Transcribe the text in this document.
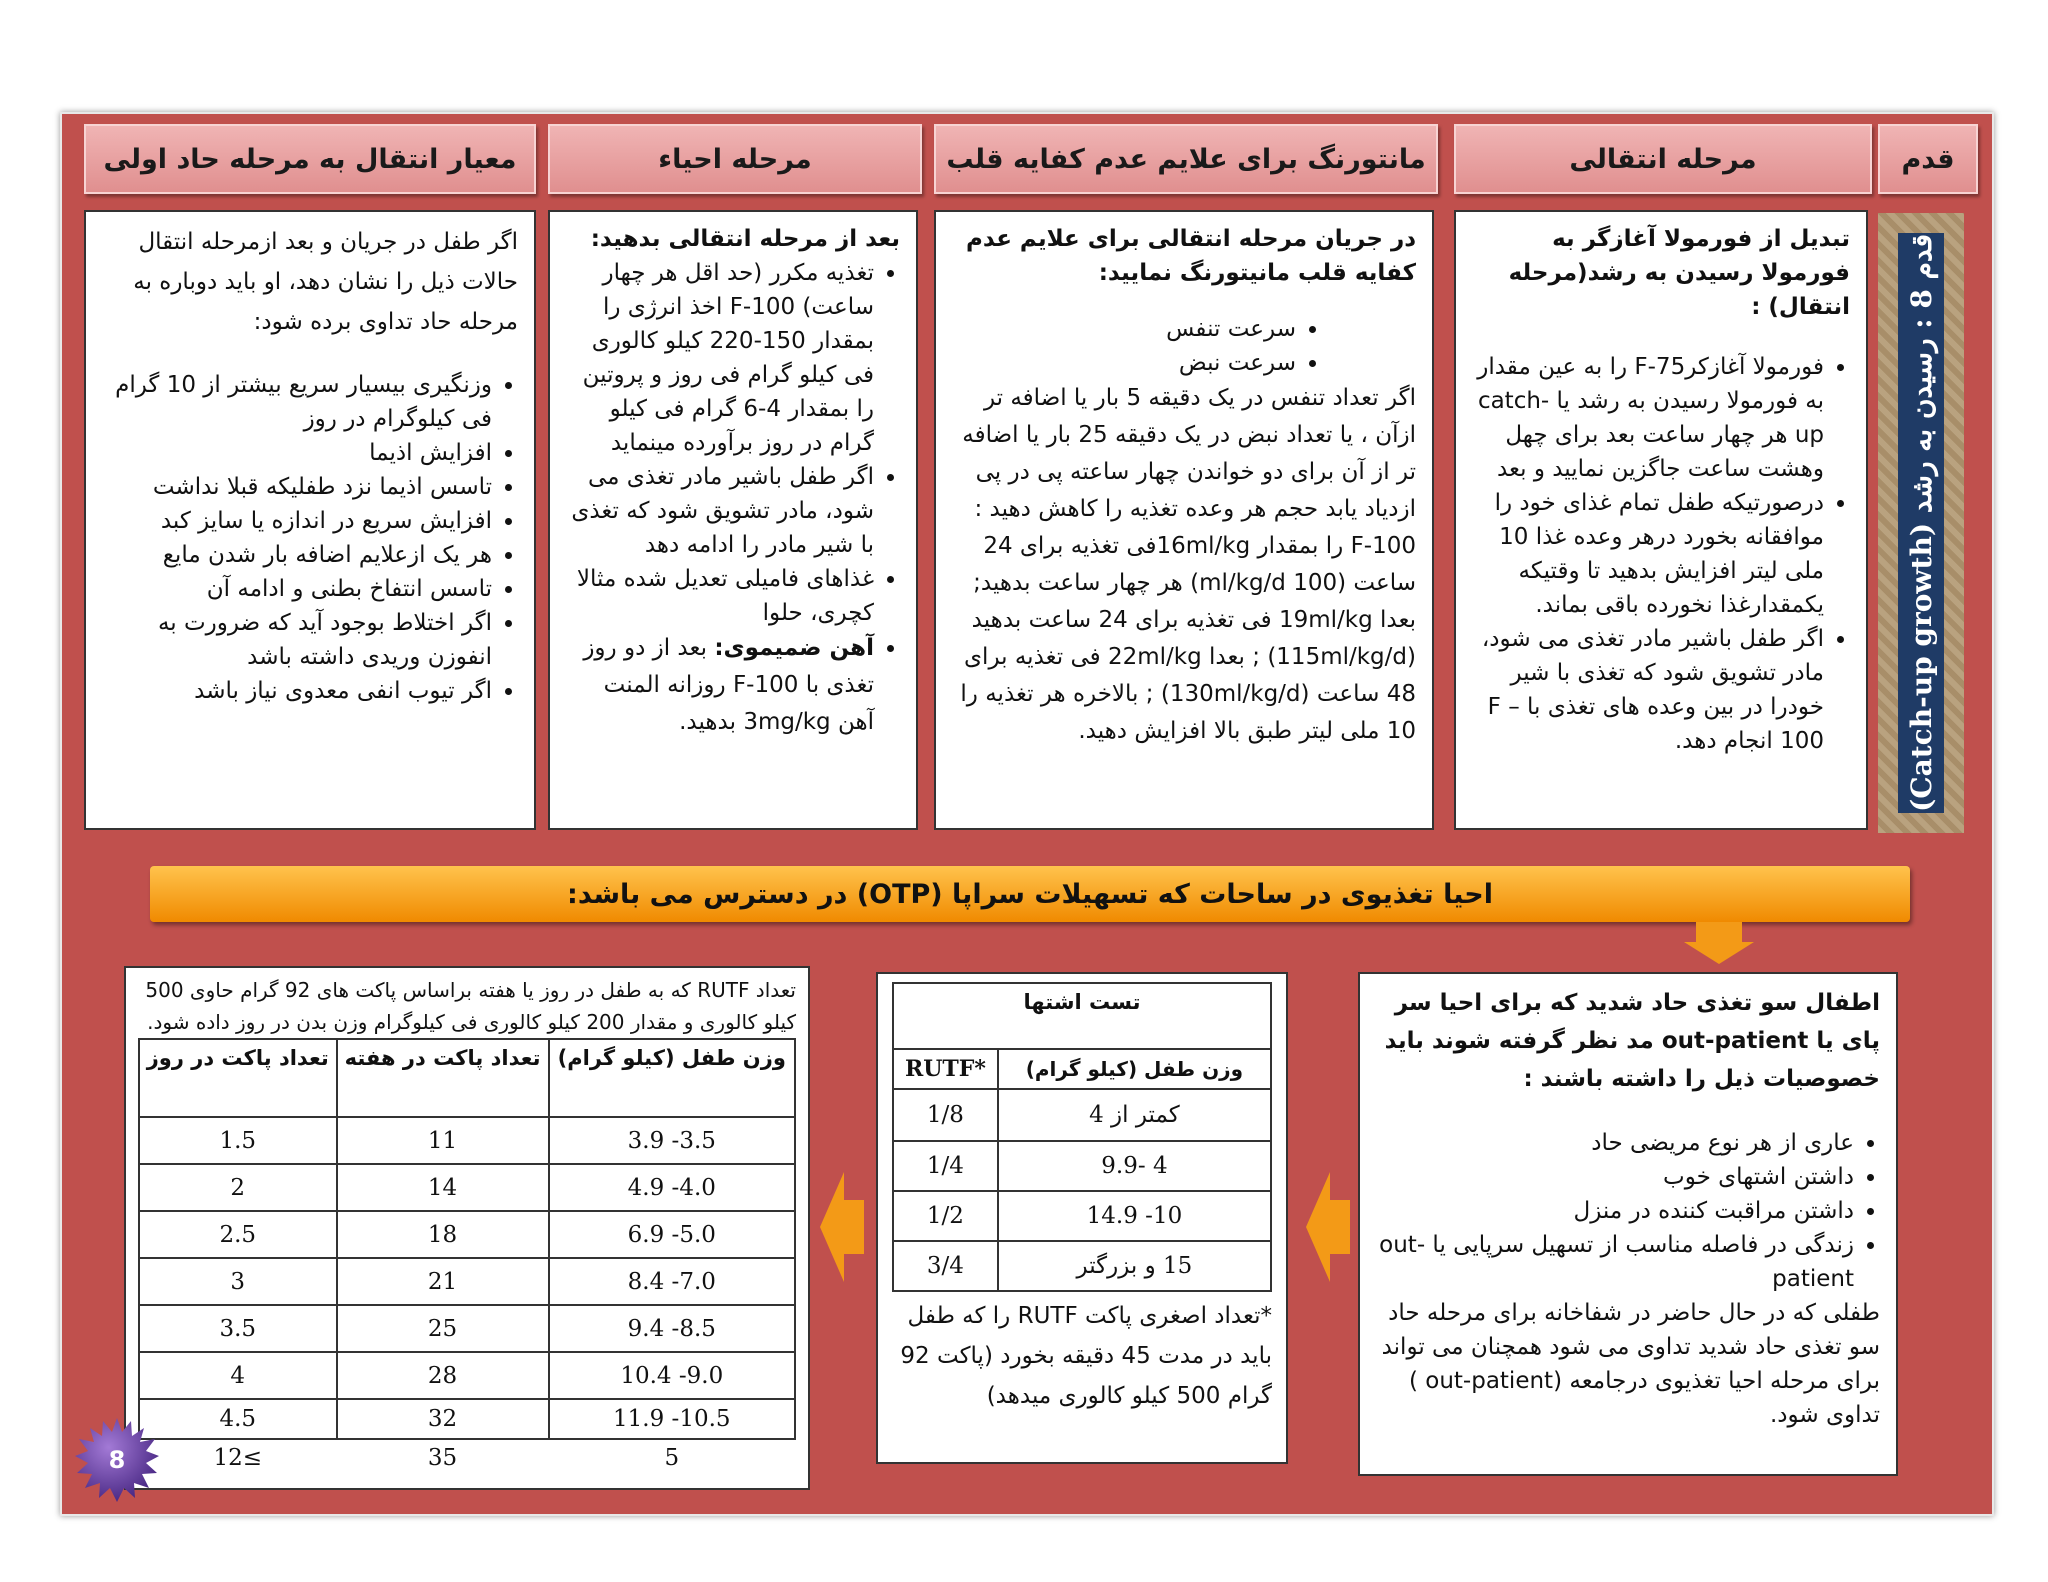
قدم
مرحله انتقالی
مانتورنگ برای علایم عدم کفایه قلب
مرحله احیاء
معیار انتقال به مرحله حاد اولی
قدم 8 : رسیدن به رشد (Catch-up growth)

تبدیل از فورمولا آغازگر به فورمولا رسیدن به رشد(مرحله انتقال) :

• فورمولا آغازکرF-75 را به عین مقدار به فورمولا رسیدن به رشد یا catch-up هر چهار ساعت بعد برای چهل وهشت ساعت جاگزین نمایید و بعد
• درصورتیکه طفل تمام غذای خود را موافقانه بخورد درهر وعده غذا 10 ملی لیتر افزایش بدهید تا وقتیکه یکمقدارغذا نخورده باقی بماند.
• اگر طفل باشیر مادر تغذی می شود، مادر تشویق شود که تغذی با شیر خودرا در بین وعده های تغذی با F – 100 انجام دهد.

در جریان مرحله انتقالی برای علایم عدم کفایه قلب مانیتورنگ نمایید:

• سرعت تنفس
• سرعت نبض

اگر تعداد تنفس در یک دقیقه 5 بار یا اضافه تر ازآن ، یا تعداد نبض در یک دقیقه 25 بار یا اضافه تر از آن برای دو خواندن چهار ساعته پی در پی ازدیاد یابد حجم هر وعده تغذیه را کاهش دهید : F-100 را بمقدار 16ml/kgفی تغذیه برای 24 ساعت (100 ml/kg/d) هر چهار ساعت بدهید; بعدا 19ml/kg فی تغذیه برای 24 ساعت بدهید (115ml/kg/d) ; بعدا 22ml/kg فی تغذیه برای 48 ساعت (130ml/kg/d) ; بالاخره هر تغذیه را 10 ملی لیتر طبق بالا افزایش دهید.

بعد از مرحله انتقالی بدهید:

• تغذیه مکرر (حد اقل هر چهار ساعت) F-100 اخذ انرژی را بمقدار 150-220 کیلو کالوری فی کیلو گرام فی روز و پروتین را بمقدار 4-6 گرام فی کیلو گرام در روز برآورده مینماید
• اگر طفل باشیر مادر تغذی می شود، مادر تشویق شود که تغذی با شیر مادر را ادامه دهد
• غذاهای فامیلی تعدیل شده مثالا کچری، حلوا
• آهن ضمیموی: بعد از دو روز تغذی با F-100 روزانه المنت آهن 3mg/kg بدهید.

اگر طفل در جریان و بعد ازمرحله انتقال حالات ذیل را نشان دهد، او باید دوباره به مرحله حاد تداوی برده شود:

• وزنگیری بیسیار سریع بیشتر از 10 گرام فی کیلوگرام در روز
• افزایش اذیما
• تاسس اذیما نزد طفلیکه قبلا نداشت
• افزایش سریع در اندازه یا سایز کبد
• هر یک ازعلایم اضافه بار شدن مایع
• تاسس انتفاخ بطنی و ادامه آن
• اگر اختلاط بوجود آید که ضرورت به انفوزن وریدی داشته باشد
• اگر تیوب انفی معدوی نیاز باشد
احیا تغذیوی در ساحات که تسهیلات سراپا (OTP) در دسترس می باشد:

اطفال سو تغذی حاد شدید که برای احیا سر پای یا out-patient مد نظر گرفته شوند باید خصوصیات ذیل را داشته باشند :

• عاری از هر نوع مریضی حاد
• داشتن اشتهای خوب
• داشتن مراقبت کننده در منزل
• زندگی در فاصله مناسب از تسهیل سرپایی یا out-patient

طفلی که در حال حاضر در شفاخانه برای مرحله حاد سو تغذی حاد شدید تداوی می شود همچنان می تواند برای مرحله احیا تغذیوی درجامعه (out-patient ) تداوی شود.

تست اشتها	
وزن طفل (کیلو گرام)	*RUTF
کمتر از 4	1/8
4 -9.9	1/4
10- 14.9	1/2
15 و بزرگتر	3/4

*تعداد اصغری پاکت RUTF را که طفل باید در مدت 45 دقیقه بخورد (پاکت 92 گرام 500 کیلو کالوری میدهد)

تعداد RUTF که به طفل در روز یا هفته براساس پاکت های 92 گرام حاوی 500 کیلو کالوری و مقدار 200 کیلو کالوری فی کیلوگرام وزن بدن در روز داده شود.

وزن طفل (کیلو گرام)	تعداد پاکت در هفته	تعداد پاکت در روز
3.5- 3.9	11	1.5
4.0- 4.9	14	2
5.0- 6.9	18	2.5
7.0- 8.4	21	3
8.5- 9.4	25	3.5
9.0- 10.4	28	4
10.5- 11.9	32	4.5
5	35	≥12
8
